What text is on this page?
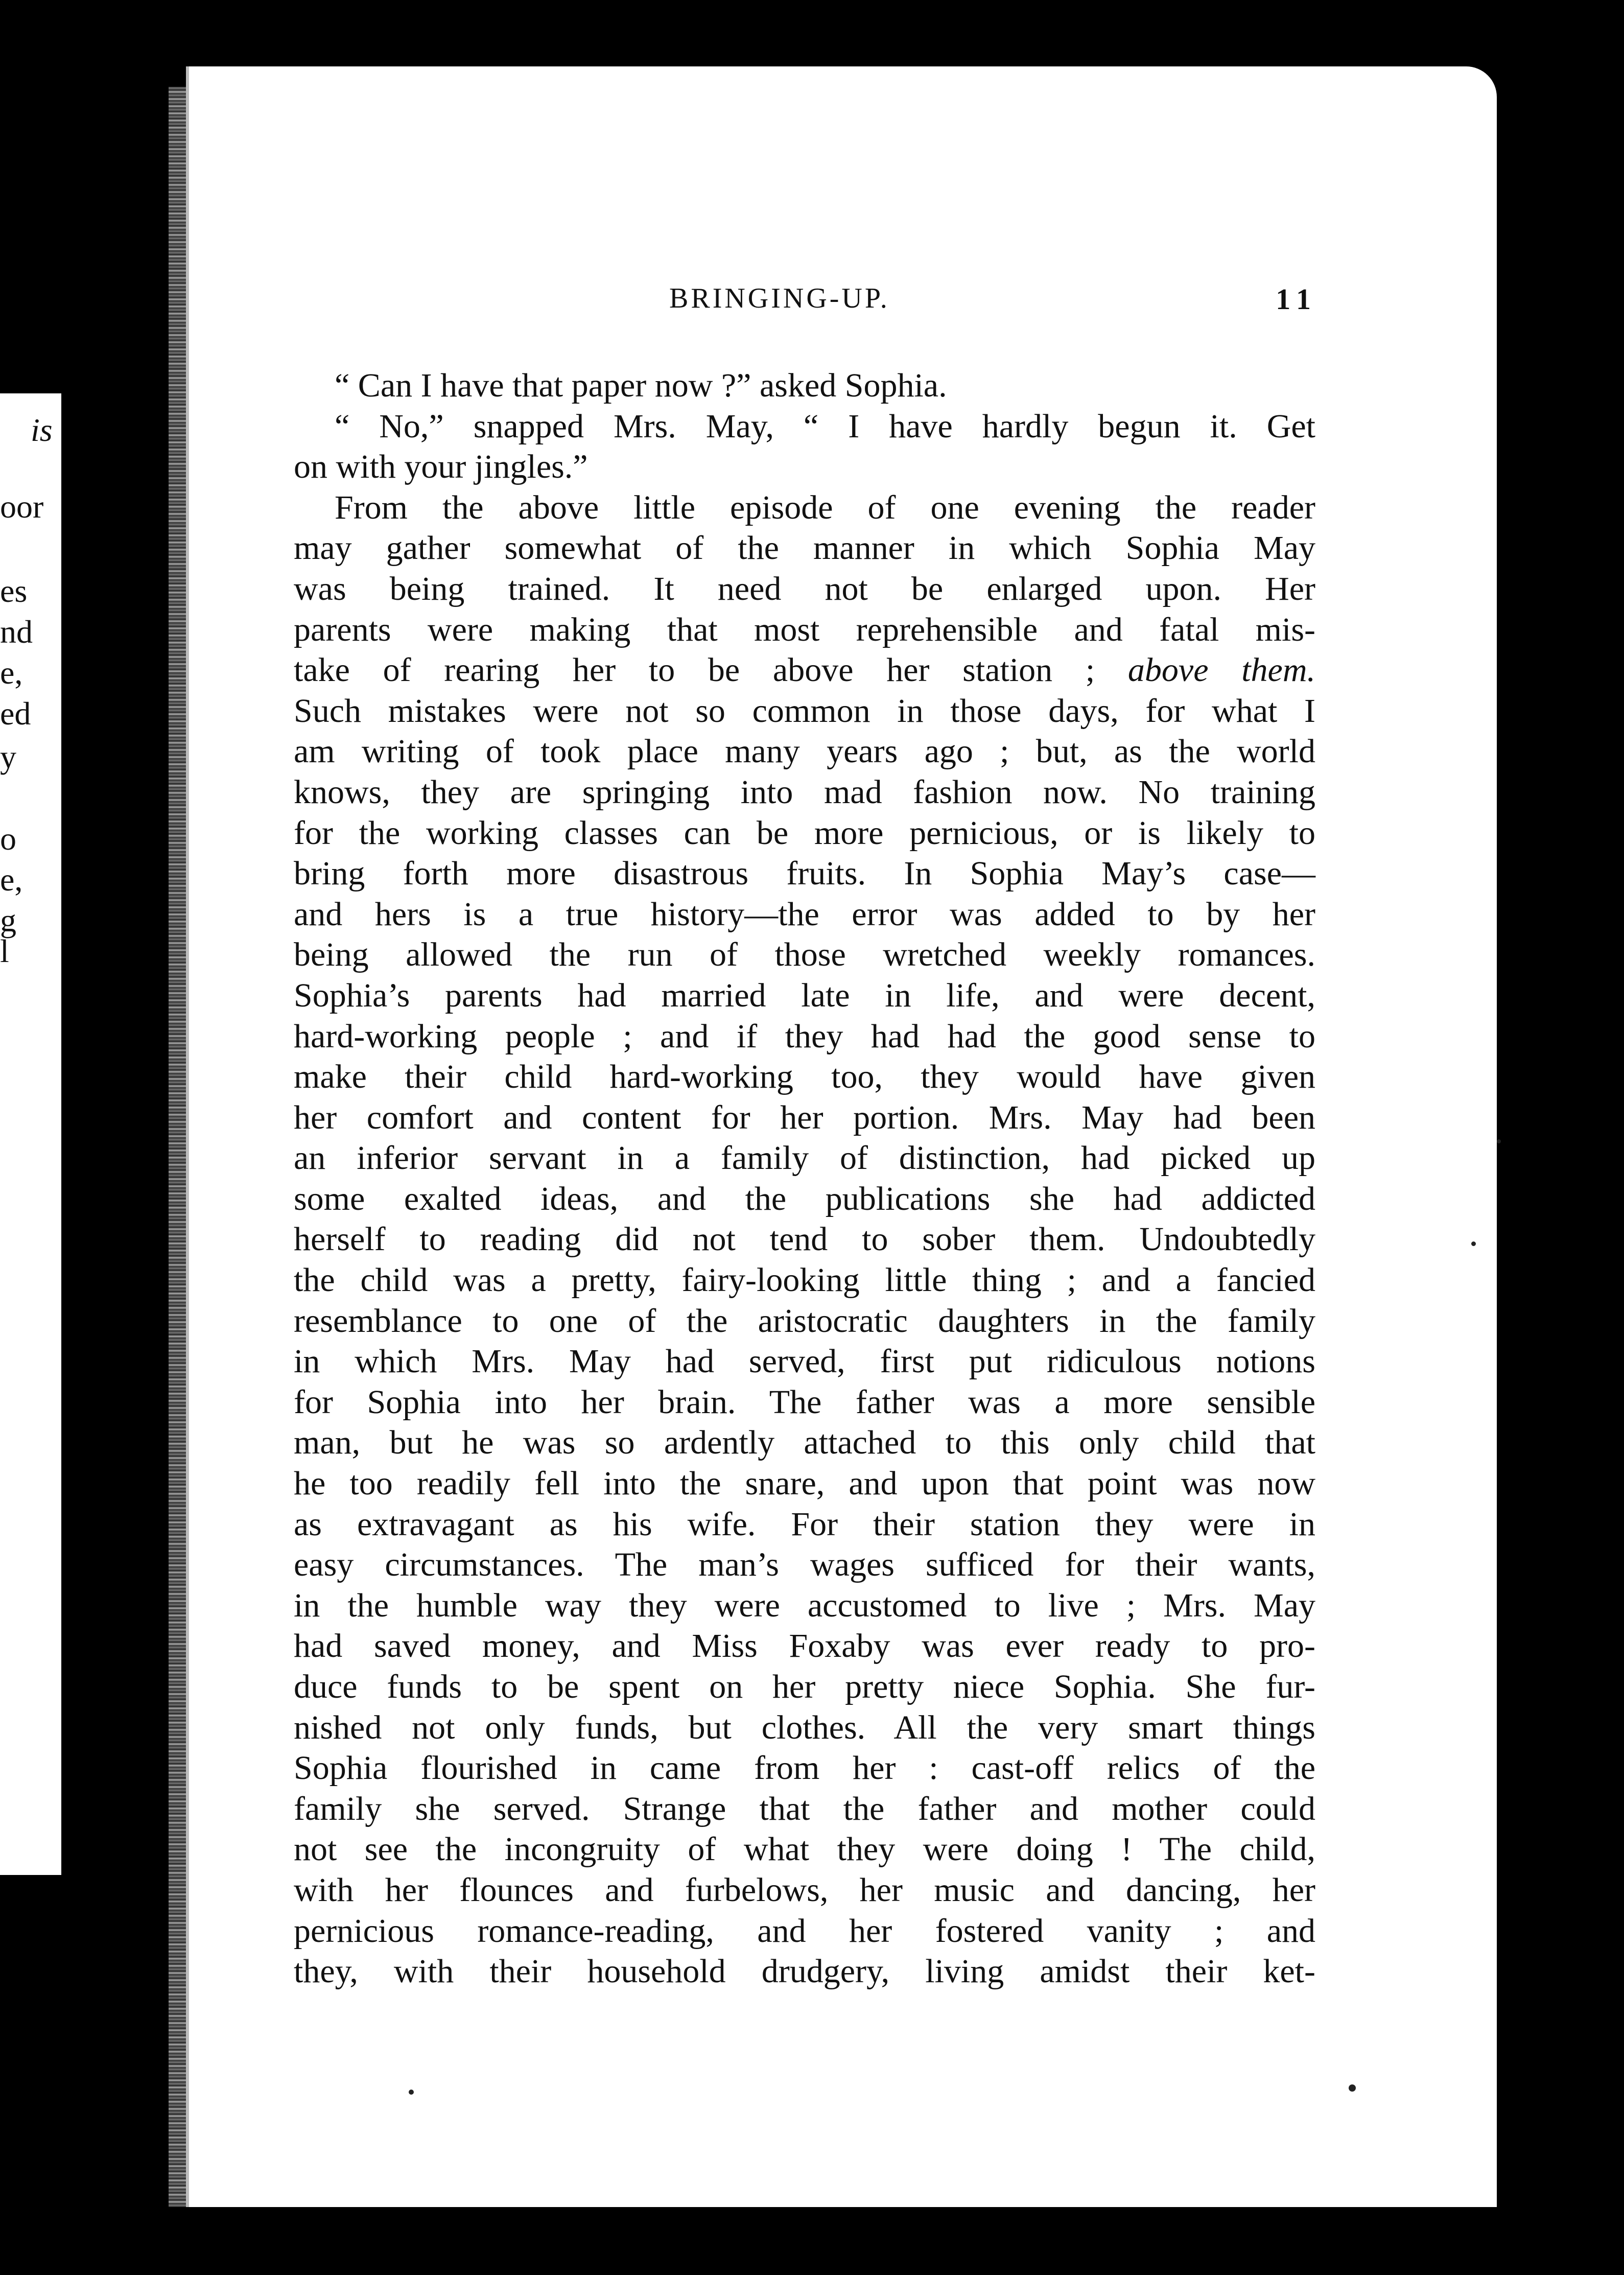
is
oor
es
nd
e,
ed
y
o
e,
g
l
BRINGING-UP.	11
“ Can I have that paper now ?” asked Sophia.
“ No,” snapped Mrs. May, “ I have hardly begun it. Get
on with your jingles.”
From the above little episode of one evening the reader
may gather somewhat of the manner in which Sophia May
was being trained. It need not be enlarged upon. Her
parents were making that most reprehensible and fatal mis-
take of rearing her to be above her station ; above them.
Such mistakes were not so common in those days, for what I
am writing of took place many years ago ; but, as the world
knows, they are springing into mad fashion now. No training
for the working classes can be more pernicious, or is likely to
bring forth more disastrous fruits. In Sophia May’s case—
and hers is a true history—the error was added to by her
being allowed the run of those wretched weekly romances.
Sophia’s parents had married late in life, and were decent,
hard-working people ; and if they had had the good sense to
make their child hard-working too, they would have given
her comfort and content for her portion. Mrs. May had been
an inferior servant in a family of distinction, had picked up
some exalted ideas, and the publications she had addicted
herself to reading did not tend to sober them. Undoubtedly
the child was a pretty, fairy-looking little thing ; and a fancied
resemblance to one of the aristocratic daughters in the family
in which Mrs. May had served, first put ridiculous notions
for Sophia into her brain. The father was a more sensible
man, but he was so ardently attached to this only child that
he too readily fell into the snare, and upon that point was now
as extravagant as his wife. For their station they were in
easy circumstances. The man’s wages sufficed for their wants,
in the humble way they were accustomed to live ; Mrs. May
had saved money, and Miss Foxaby was ever ready to pro-
duce funds to be spent on her pretty niece Sophia. She fur-
nished not only funds, but clothes. All the very smart things
Sophia flourished in came from her : cast-off relics of the
family she served. Strange that the father and mother could
not see the incongruity of what they were doing ! The child,
with her flounces and furbelows, her music and dancing, her
pernicious romance-reading, and her fostered vanity ; and
they, with their household drudgery, living amidst their ket-
